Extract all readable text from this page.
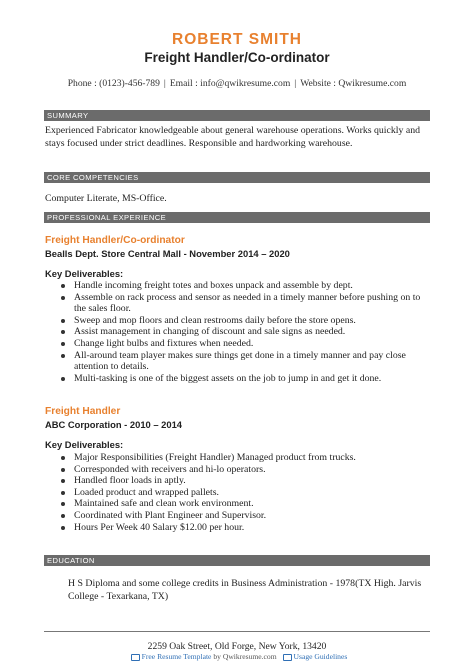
ROBERT SMITH
Freight Handler/Co-ordinator
Phone : (0123)-456-789 | Email : info@qwikresume.com | Website : Qwikresume.com
SUMMARY
Experienced Fabricator knowledgeable about general warehouse operations. Works quickly and stays focused under strict deadlines. Responsible and hardworking warehouse.
CORE COMPETENCIES
Computer Literate, MS-Office.
PROFESSIONAL EXPERIENCE
Freight Handler/Co-ordinator
Bealls Dept. Store Central Mall - November 2014 – 2020
Key Deliverables:
Handle incoming freight totes and boxes unpack and assemble by dept.
Assemble on rack process and sensor as needed in a timely manner before pushing on to the sales floor.
Sweep and mop floors and clean restrooms daily before the store opens.
Assist management in changing of discount and sale signs as needed.
Change light bulbs and fixtures when needed.
All-around team player makes sure things get done in a timely manner and pay close attention to details.
Multi-tasking is one of the biggest assets on the job to jump in and get it done.
Freight Handler
ABC Corporation - 2010 – 2014
Key Deliverables:
Major Responsibilities (Freight Handler) Managed product from trucks.
Corresponded with receivers and hi-lo operators.
Handled floor loads in aptly.
Loaded product and wrapped pallets.
Maintained safe and clean work environment.
Coordinated with Plant Engineer and Supervisor.
Hours Per Week 40 Salary $12.00 per hour.
EDUCATION
H S Diploma and some college credits in Business Administration - 1978(TX High. Jarvis College - Texarkana, TX)
2259 Oak Street, Old Forge, New York, 13420
Free Resume Template by Qwikresume.com Usage Guidelines
